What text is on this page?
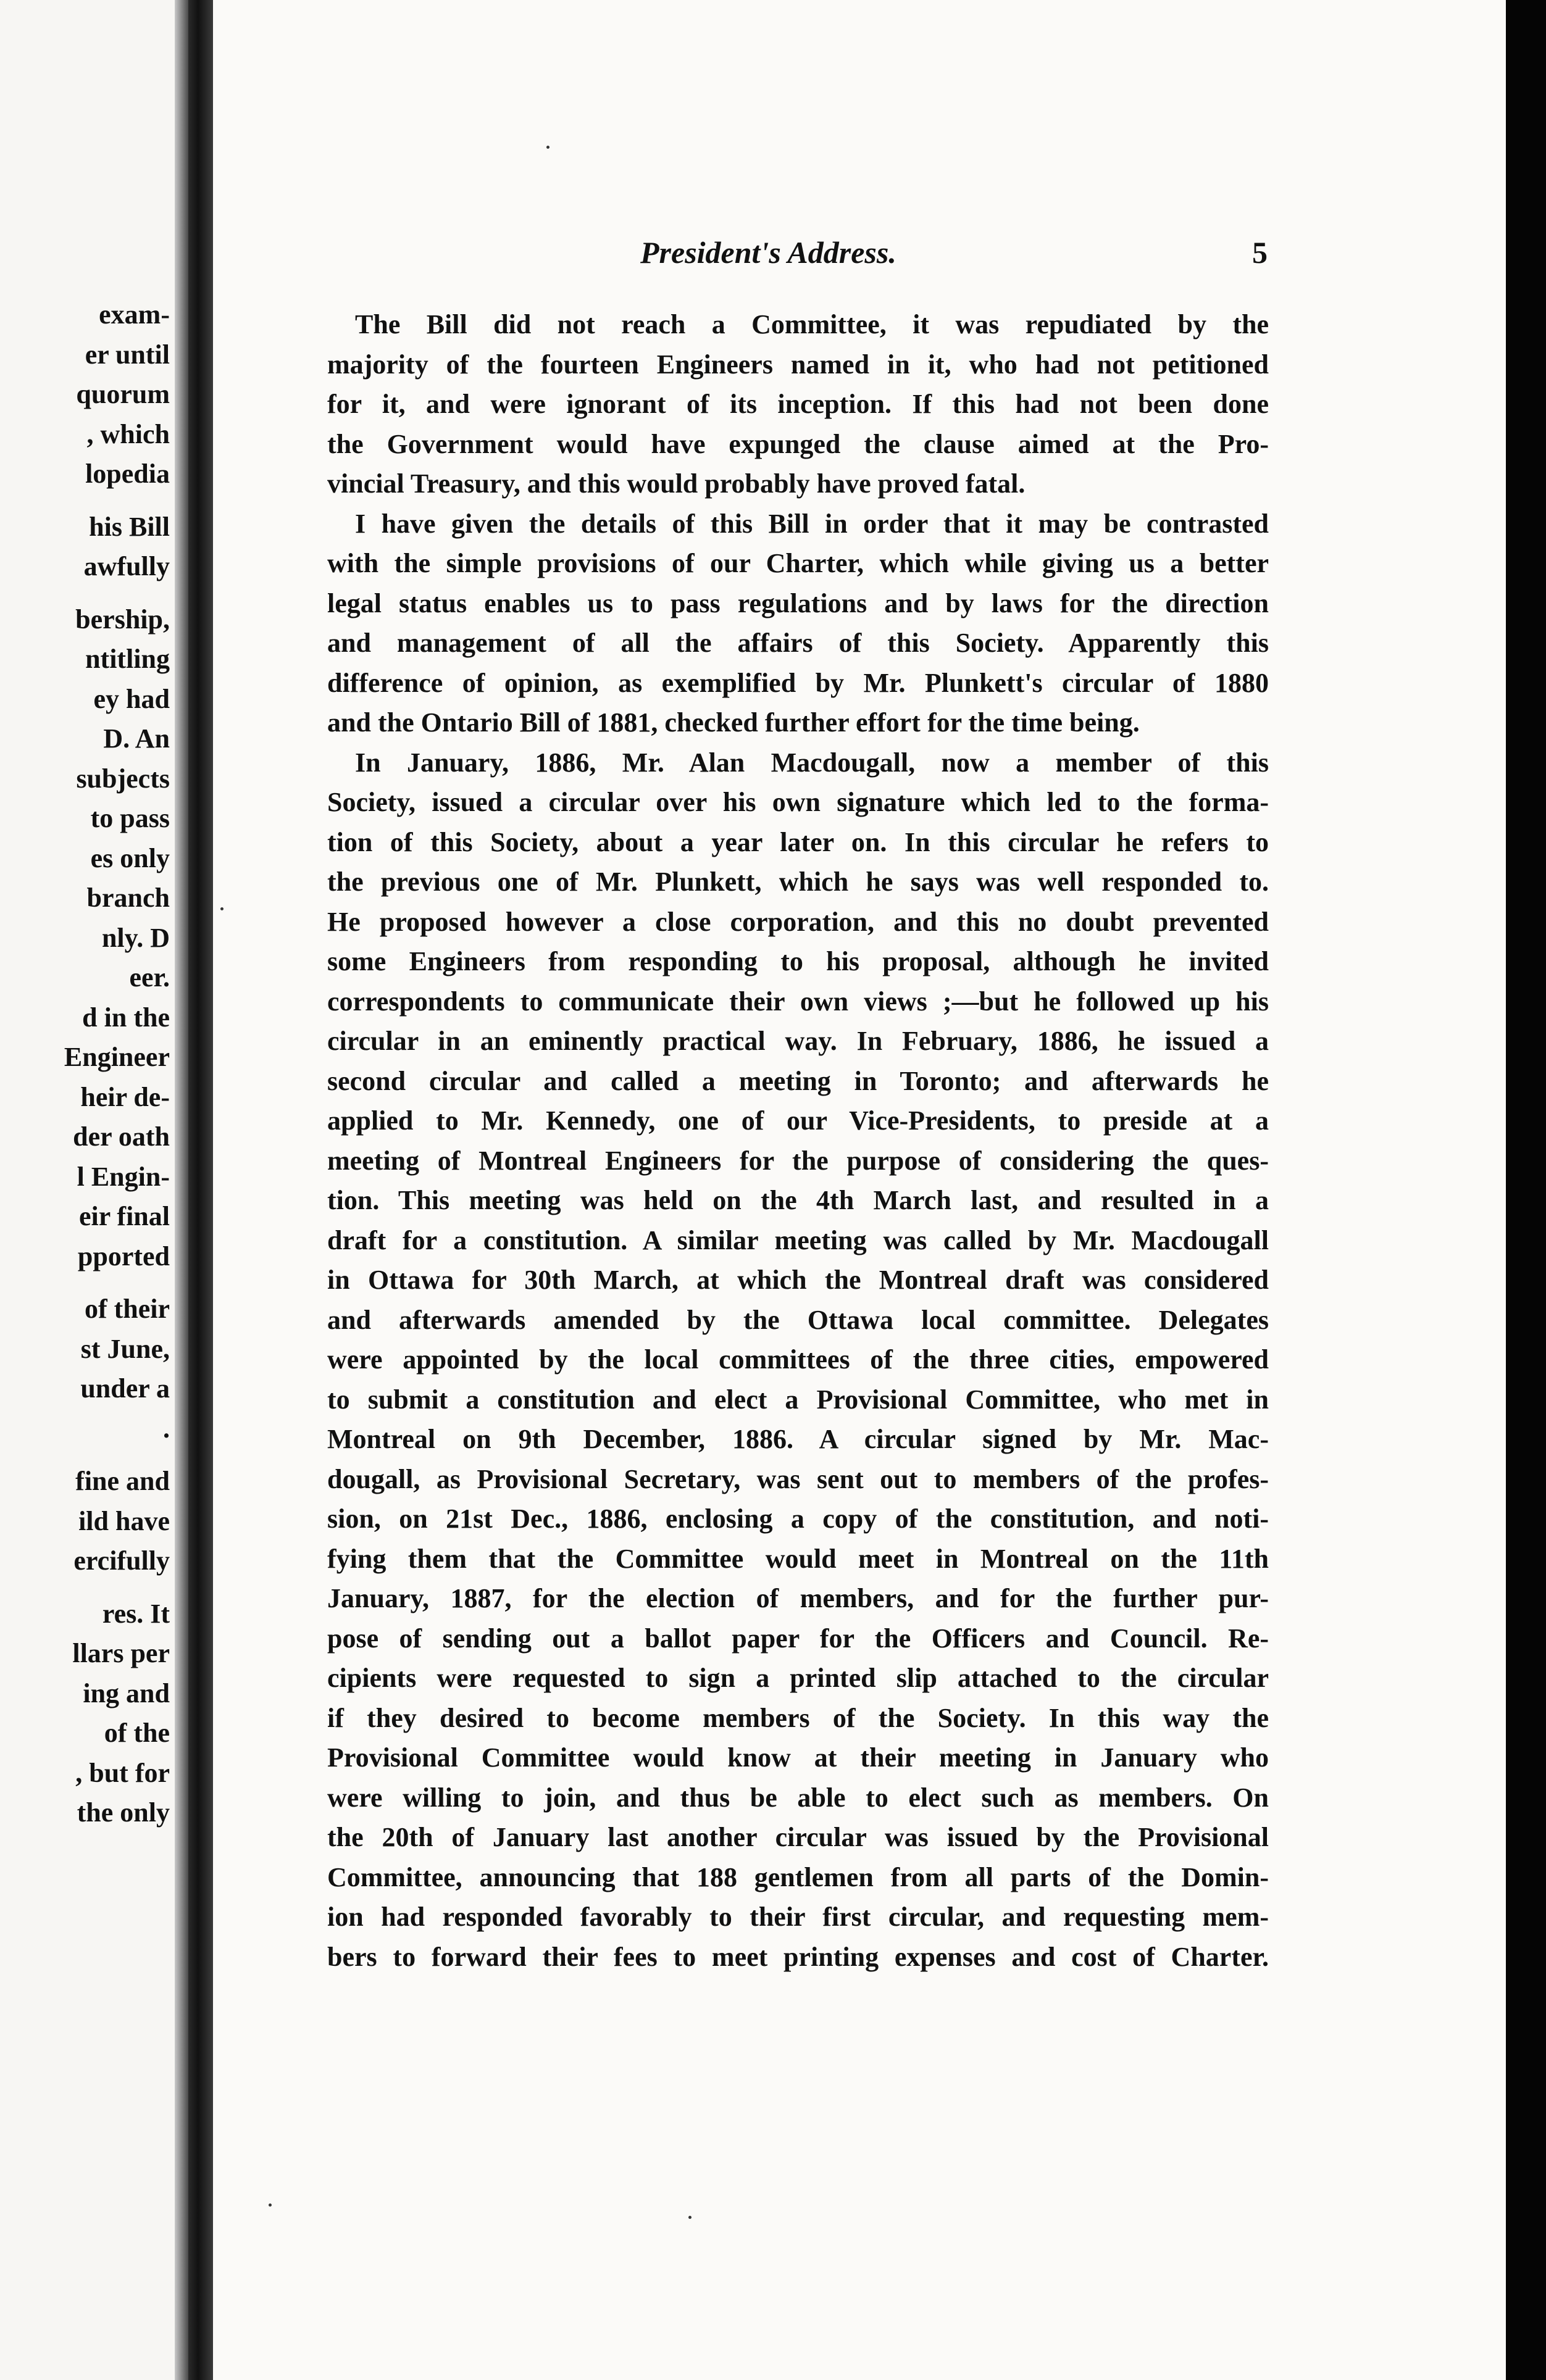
exam-
er until
quorum
, which
lopedia
his Bill
awfully
bership,
ntitling
ey had
D. An
subjects
to pass
es only
branch
nly. D
eer.
d in the
Engineer
heir de-
der oath
l Engin-
eir final
pported
of their
st June,
under a
.
fine and
ild have
ercifully
res. It
llars per
ing and
of the
, but for
the only
President's Address.	5
The Bill did not reach a Committee, it was repudiated by the
majority of the fourteen Engineers named in it, who had not petitioned
for it, and were ignorant of its inception. If this had not been done
the Government would have expunged the clause aimed at the Pro-
vincial Treasury, and this would probably have proved fatal.
I have given the details of this Bill in order that it may be contrasted
with the simple provisions of our Charter, which while giving us a better
legal status enables us to pass regulations and by laws for the direction
and management of all the affairs of this Society. Apparently this
difference of opinion, as exemplified by Mr. Plunkett's circular of 1880
and the Ontario Bill of 1881, checked further effort for the time being.
In January, 1886, Mr. Alan Macdougall, now a member of this
Society, issued a circular over his own signature which led to the forma-
tion of this Society, about a year later on. In this circular he refers to
the previous one of Mr. Plunkett, which he says was well responded to.
He proposed however a close corporation, and this no doubt prevented
some Engineers from responding to his proposal, although he invited
correspondents to communicate their own views ;—but he followed up his
circular in an eminently practical way. In February, 1886, he issued a
second circular and called a meeting in Toronto; and afterwards he
applied to Mr. Kennedy, one of our Vice-Presidents, to preside at a
meeting of Montreal Engineers for the purpose of considering the ques-
tion. This meeting was held on the 4th March last, and resulted in a
draft for a constitution. A similar meeting was called by Mr. Macdougall
in Ottawa for 30th March, at which the Montreal draft was considered
and afterwards amended by the Ottawa local committee. Delegates
were appointed by the local committees of the three cities, empowered
to submit a constitution and elect a Provisional Committee, who met in
Montreal on 9th December, 1886. A circular signed by Mr. Mac-
dougall, as Provisional Secretary, was sent out to members of the profes-
sion, on 21st Dec., 1886, enclosing a copy of the constitution, and noti-
fying them that the Committee would meet in Montreal on the 11th
January, 1887, for the election of members, and for the further pur-
pose of sending out a ballot paper for the Officers and Council. Re-
cipients were requested to sign a printed slip attached to the circular
if they desired to become members of the Society. In this way the
Provisional Committee would know at their meeting in January who
were willing to join, and thus be able to elect such as members. On
the 20th of January last another circular was issued by the Provisional
Committee, announcing that 188 gentlemen from all parts of the Domin-
ion had responded favorably to their first circular, and requesting mem-
bers to forward their fees to meet printing expenses and cost of Charter.
